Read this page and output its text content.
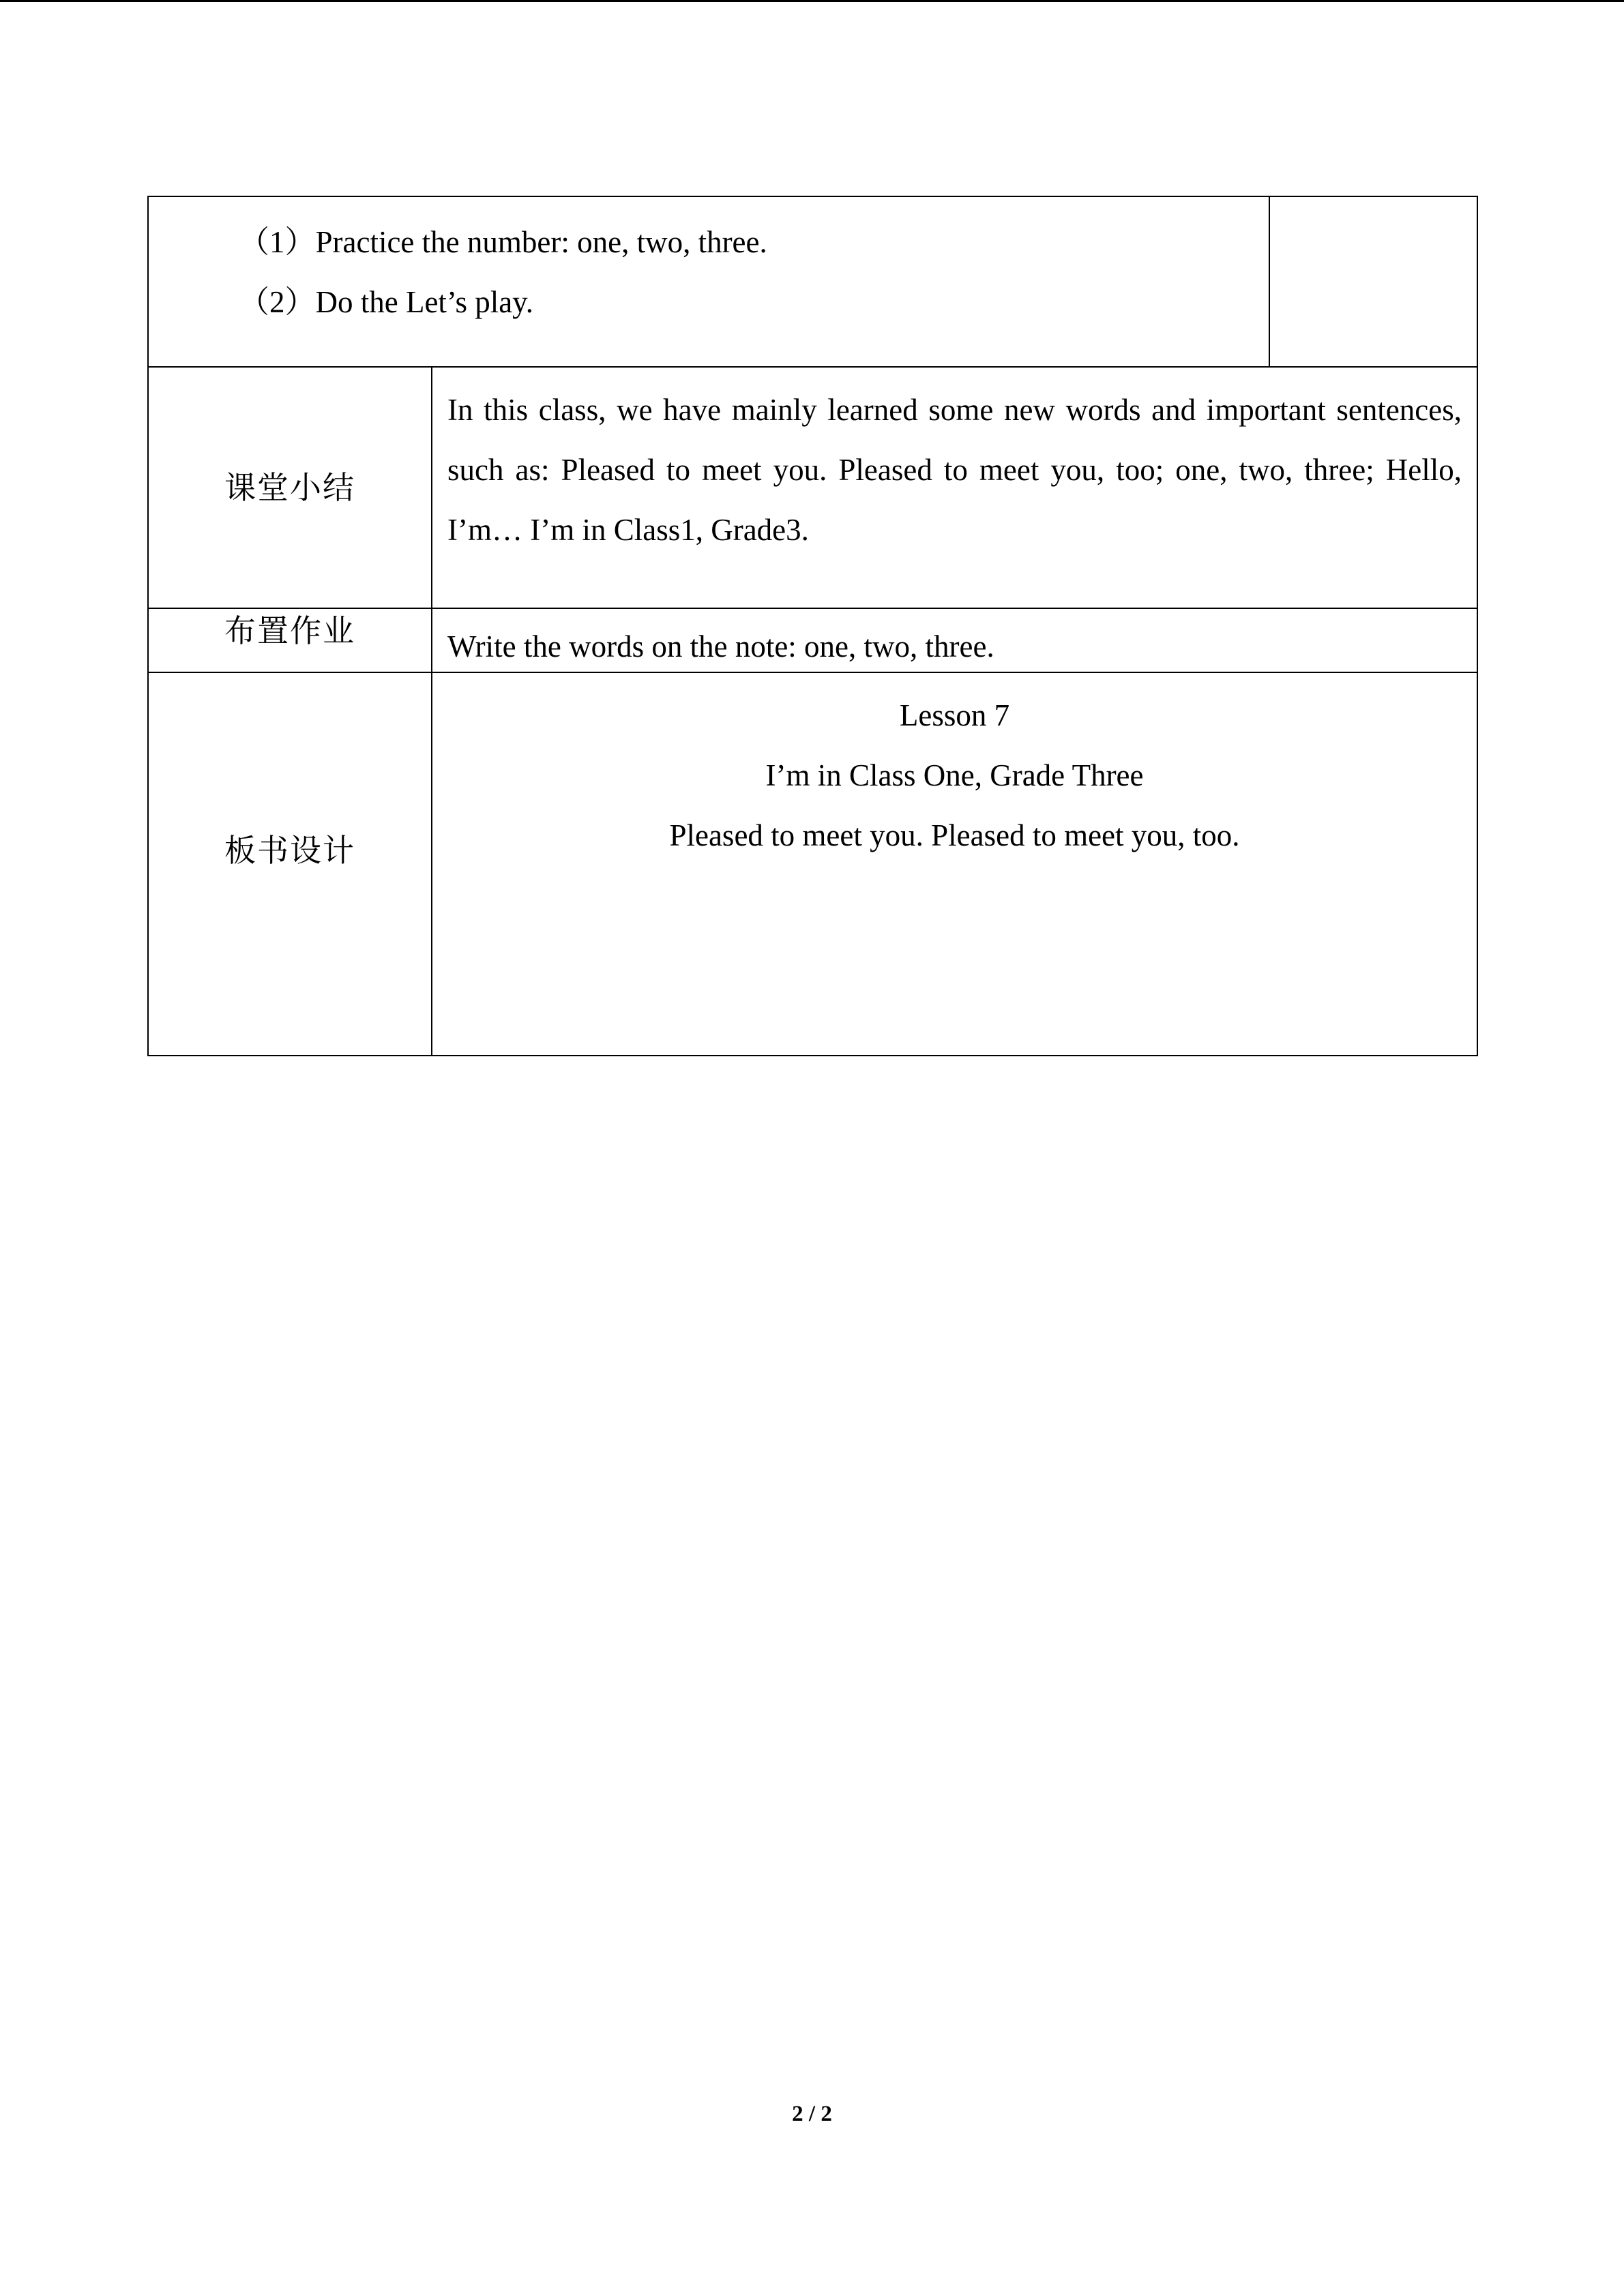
（1）Practice the number: one, two, three.
（2）Do the Let’s play.		

课堂小结	In this class, we have mainly learned some new words and important sentences, such as: Pleased to meet you. Pleased to meet you, too; one, two, three; Hello, I’m… I’m in Class1, Grade3.	

布置作业	Write the words on the note: one, two, three.	

板书设计	Lesson 7
I’m in Class One, Grade Three
Pleased to meet you. Pleased to meet you, too.	
2 / 2
